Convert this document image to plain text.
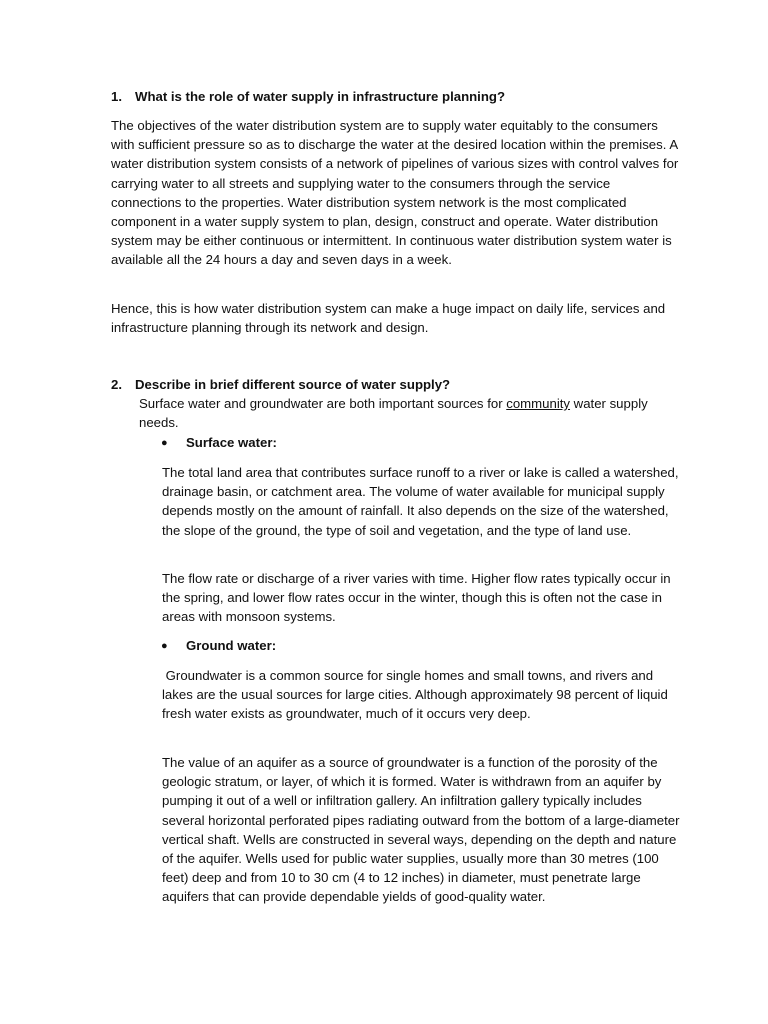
1. What is the role of water supply in infrastructure planning?

The objectives of the water distribution system are to supply water equitably to the consumers with sufficient pressure so as to discharge the water at the desired location within the premises. A water distribution system consists of a network of pipelines of various sizes with control valves for carrying water to all streets and supplying water to the consumers through the service connections to the properties. Water distribution system network is the most complicated component in a water supply system to plan, design, construct and operate. Water distribution system may be either continuous or intermittent. In continuous water distribution system water is available all the 24 hours a day and seven days in a week.

Hence, this is how water distribution system can make a huge impact on daily life, services and infrastructure planning through its network and design.

2. Describe in brief different source of water supply?

Surface water and groundwater are both important sources for community water supply needs.

● Surface water:

The total land area that contributes surface runoff to a river or lake is called a watershed, drainage basin, or catchment area. The volume of water available for municipal supply depends mostly on the amount of rainfall. It also depends on the size of the watershed, the slope of the ground, the type of soil and vegetation, and the type of land use.

The flow rate or discharge of a river varies with time. Higher flow rates typically occur in the spring, and lower flow rates occur in the winter, though this is often not the case in areas with monsoon systems.

● Ground water:

Groundwater is a common source for single homes and small towns, and rivers and lakes are the usual sources for large cities. Although approximately 98 percent of liquid fresh water exists as groundwater, much of it occurs very deep.

The value of an aquifer as a source of groundwater is a function of the porosity of the geologic stratum, or layer, of which it is formed. Water is withdrawn from an aquifer by pumping it out of a well or infiltration gallery. An infiltration gallery typically includes several horizontal perforated pipes radiating outward from the bottom of a large-diameter vertical shaft. Wells are constructed in several ways, depending on the depth and nature of the aquifer. Wells used for public water supplies, usually more than 30 metres (100 feet) deep and from 10 to 30 cm (4 to 12 inches) in diameter, must penetrate large aquifers that can provide dependable yields of good-quality water.
